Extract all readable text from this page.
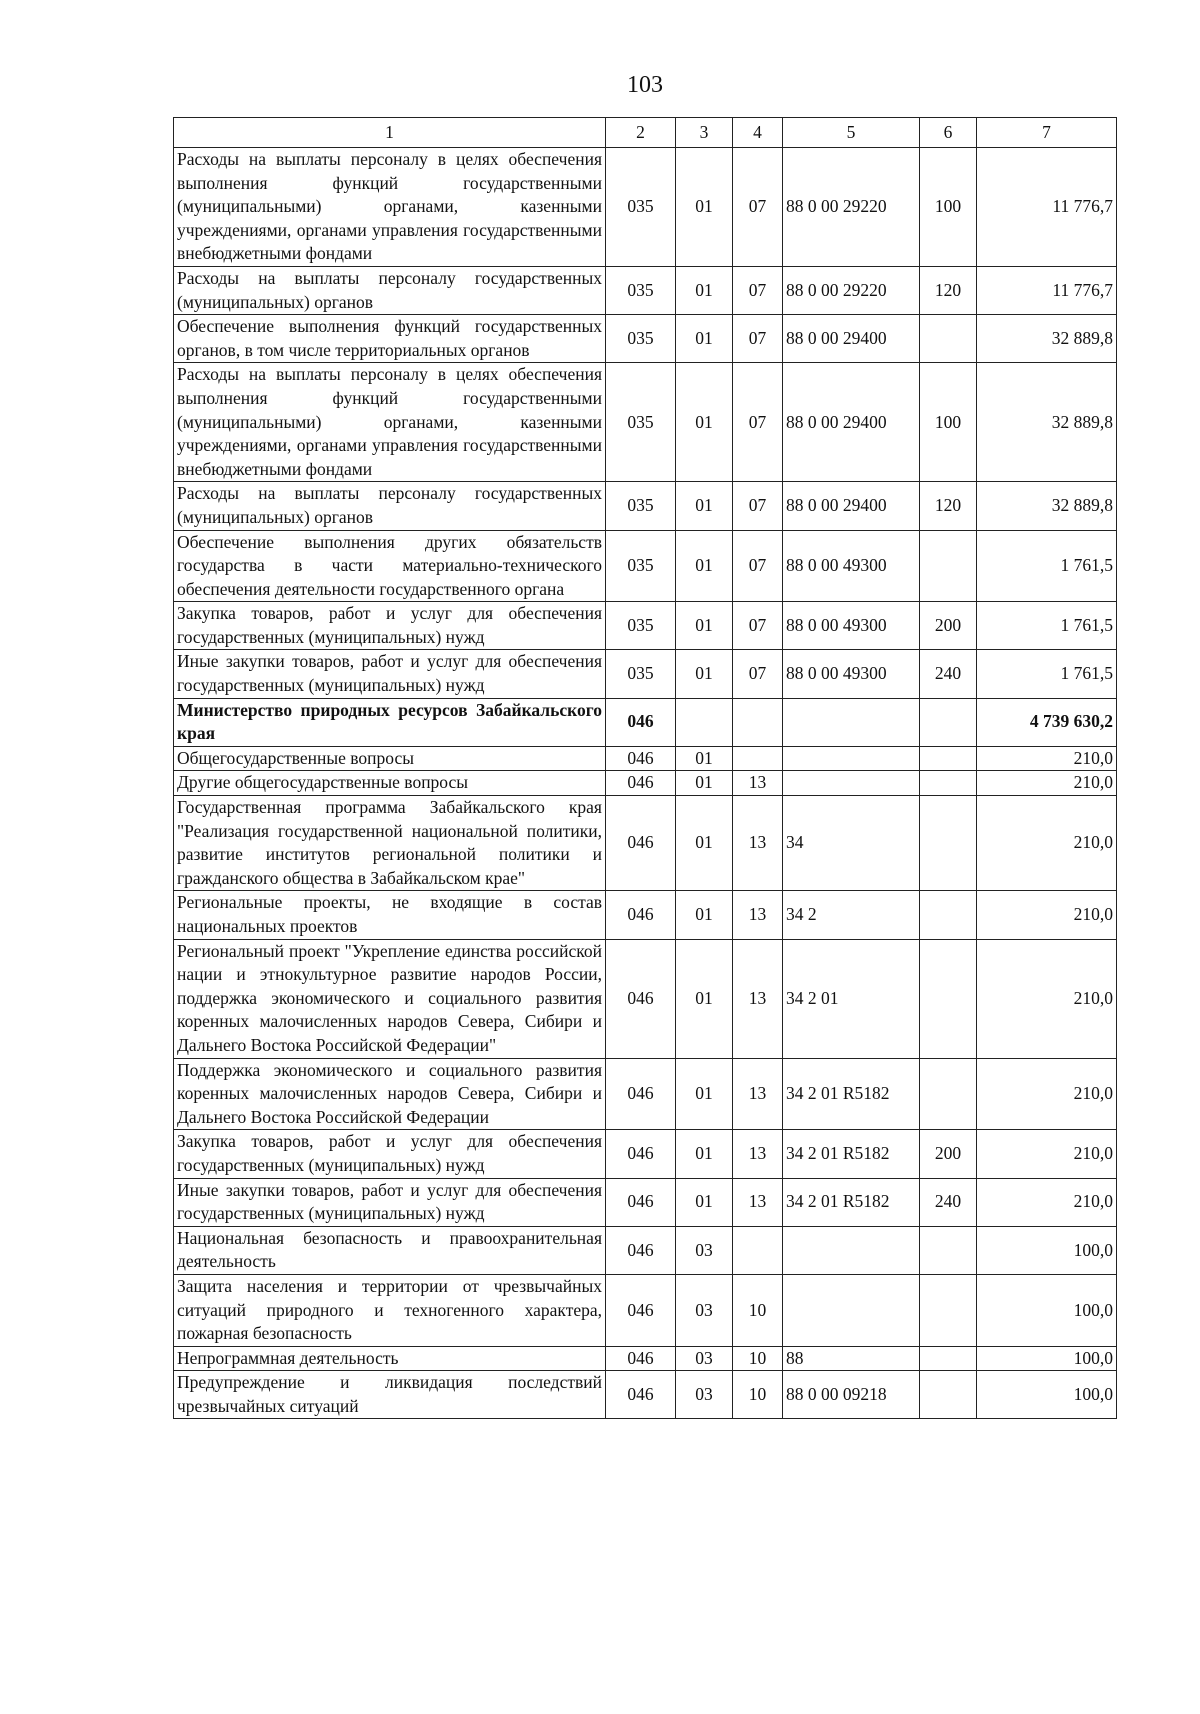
103
1	2	3	4	5	6	7
Расходы на выплаты персоналу в целях обеспечения выполнения функций государственными (муниципальными) органами, казенными учреждениями, органами управления государственными внебюджетными фондами	035	01	07	88 0 00 29220	100	11 776,7
Расходы на выплаты персоналу государственных (муниципальных) органов	035	01	07	88 0 00 29220	120	11 776,7
Обеспечение выполнения функций государственных органов, в том числе территориальных органов	035	01	07	88 0 00 29400		32 889,8
Расходы на выплаты персоналу в целях обеспечения выполнения функций государственными (муниципальными) органами, казенными учреждениями, органами управления государственными внебюджетными фондами	035	01	07	88 0 00 29400	100	32 889,8
Расходы на выплаты персоналу государственных (муниципальных) органов	035	01	07	88 0 00 29400	120	32 889,8
Обеспечение выполнения других обязательств государства в части материально-технического обеспечения деятельности государственного органа	035	01	07	88 0 00 49300		1 761,5
Закупка товаров, работ и услуг для обеспечения государственных (муниципальных) нужд	035	01	07	88 0 00 49300	200	1 761,5
Иные закупки товаров, работ и услуг для обеспечения государственных (муниципальных) нужд	035	01	07	88 0 00 49300	240	1 761,5
Министерство природных ресурсов Забайкальского края	046					4 739 630,2
Общегосударственные вопросы	046	01				210,0
Другие общегосударственные вопросы	046	01	13			210,0
Государственная программа Забайкальского края "Реализация государственной национальной политики, развитие институтов региональной политики и гражданского общества в Забайкальском крае"	046	01	13	34		210,0
Региональные проекты, не входящие в состав национальных проектов	046	01	13	34 2		210,0
Региональный проект "Укрепление единства российской нации и этнокультурное развитие народов России, поддержка экономического и социального развития коренных малочисленных народов Севера, Сибири и Дальнего Востока Российской Федерации"	046	01	13	34 2 01		210,0
Поддержка экономического и социального развития коренных малочисленных народов Севера, Сибири и Дальнего Востока Российской Федерации	046	01	13	34 2 01 R5182		210,0
Закупка товаров, работ и услуг для обеспечения государственных (муниципальных) нужд	046	01	13	34 2 01 R5182	200	210,0
Иные закупки товаров, работ и услуг для обеспечения государственных (муниципальных) нужд	046	01	13	34 2 01 R5182	240	210,0
Национальная безопасность и правоохранительная деятельность	046	03				100,0
Защита населения и территории от чрезвычайных ситуаций природного и техногенного характера, пожарная безопасность	046	03	10			100,0
Непрограммная деятельность	046	03	10	88		100,0
Предупреждение и ликвидация последствий чрезвычайных ситуаций	046	03	10	88 0 00 09218		100,0
